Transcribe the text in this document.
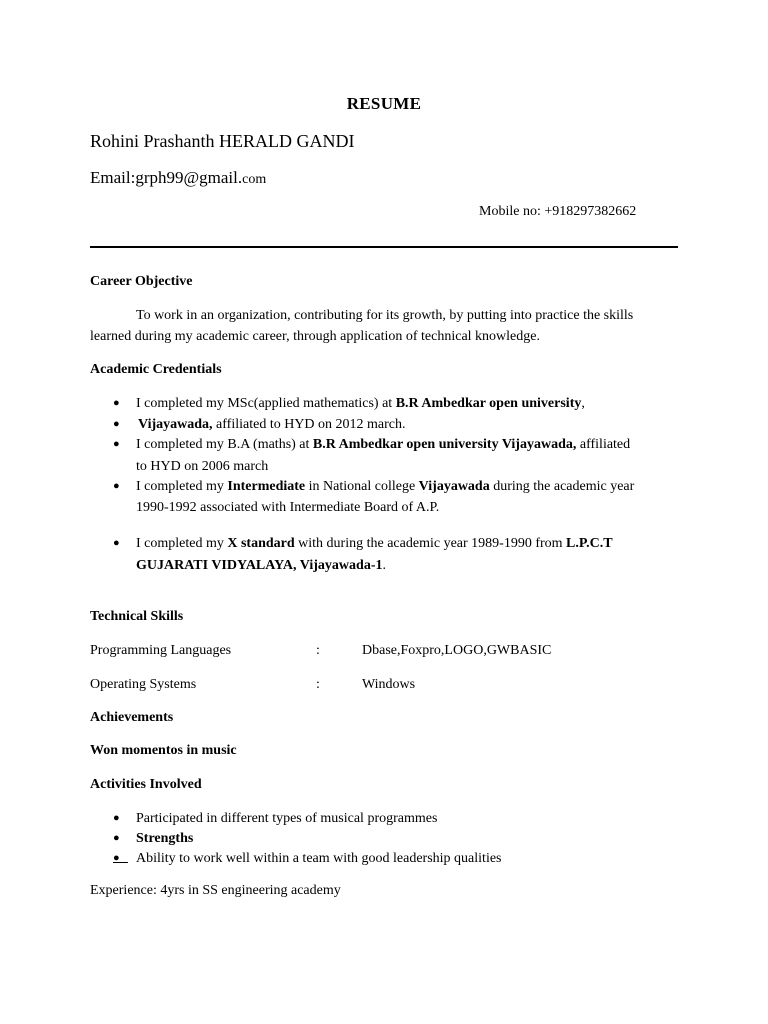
RESUME
Rohini Prashanth HERALD GANDI
Email:grph99@gmail.com
Mobile no: +918297382662
Career Objective
To work in an organization, contributing for its growth, by putting into practice the skills
learned during my academic career, through application of technical knowledge.
Academic Credentials
● I completed my MSc(applied mathematics) at B.R Ambedkar open university,
● Vijayawada, affiliated to HYD on 2012 march.
● I completed my B.A (maths) at B.R Ambedkar open university Vijayawada, affiliated
to HYD on 2006 march
● I completed my Intermediate in National college Vijayawada during the academic year
1990-1992 associated with Intermediate Board of A.P.
● I completed my X standard with during the academic year 1989-1990 from L.P.C.T
GUJARATI VIDYALAYA, Vijayawada-1.
Technical Skills
Programming Languages	:	Dbase,Foxpro,LOGO,GWBASIC
Operating Systems	:	Windows
Achievements
Won momentos in music
Activities Involved
● Participated in different types of musical programmes
● Strengths
● Ability to work well within a team with good leadership qualities
Experience: 4yrs in SS engineering academy
